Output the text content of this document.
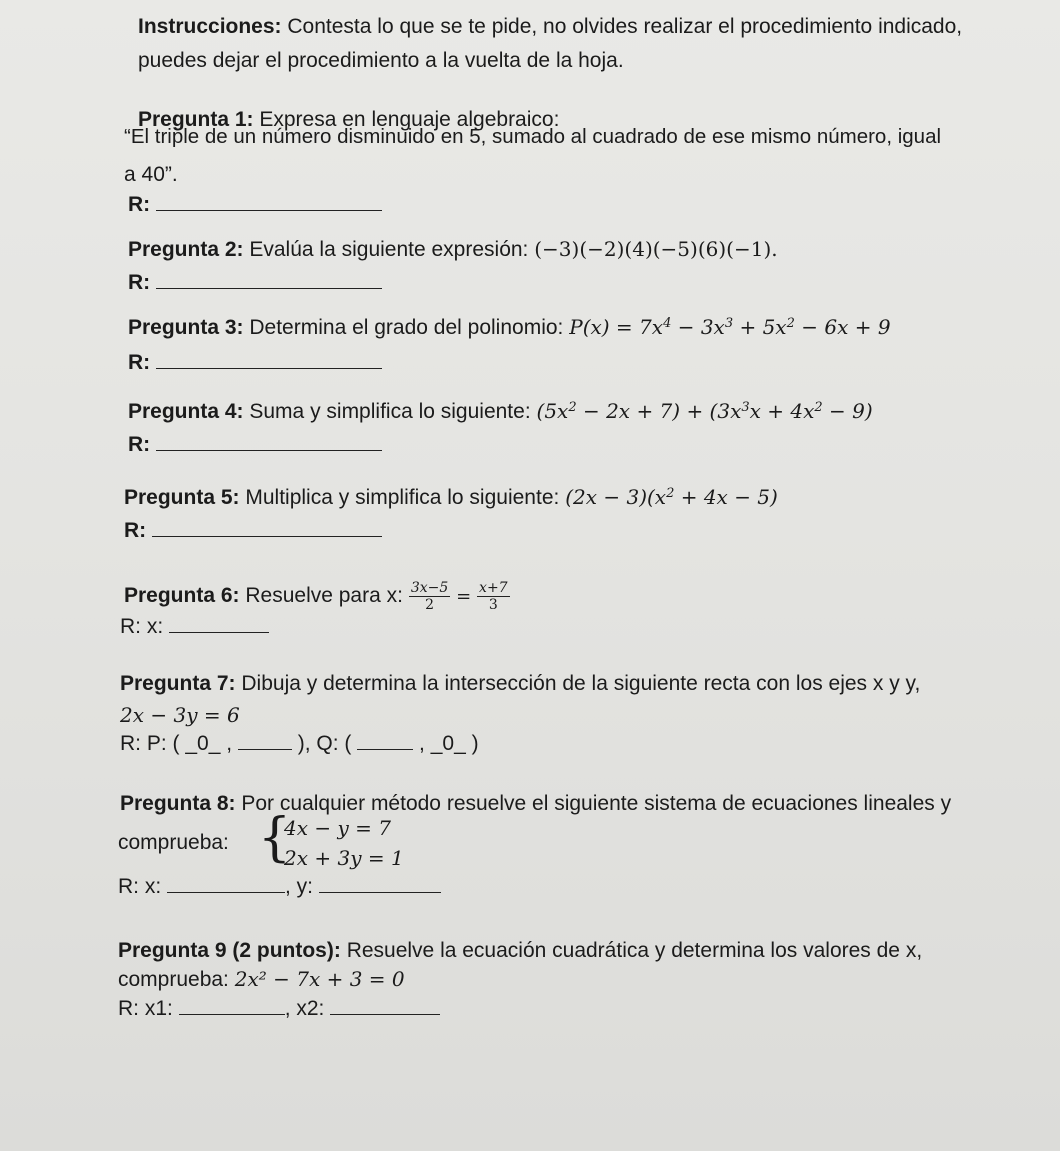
Instrucciones: Contesta lo que se te pide, no olvides realizar el procedimiento indicado,
puedes dejar el procedimiento a la vuelta de la hoja.
Pregunta 1: Expresa en lenguaje algebraico:
“El triple de un número disminuido en 5, sumado al cuadrado de ese mismo número, igual
a 40”.
R:
Pregunta 2: Evalúa la siguiente expresión: (−3)(−2)(4)(−5)(6)(−1).
R:
Pregunta 3: Determina el grado del polinomio: $P(x) = 7x^4 - 3x^3 + 5x^2 - 6x + 9$
R:
Pregunta 4: Suma y simplifica lo siguiente: $(5x^2 - 2x + 7) + (3x^3x + 4x^2 - 9)$
R:
Pregunta 5: Multiplica y simplifica lo siguiente: $(2x - 3)(x^2 + 4x - 5)$
R:
Pregunta 6: Resuelve para x: $\frac{3x-5}{2} = \frac{x+7}{3}$
R: x:
Pregunta 7: Dibuja y determina la intersección de la siguiente recta con los ejes x y y,
2x − 3y = 6
R: P: ( _0_ ,	), Q: (	, _0_ )
Pregunta 8: Por cualquier método resuelve el siguiente sistema de ecuaciones lineales y
comprueba: {
4x − y = 7
2x + 3y = 1
R: x:	, y:
Pregunta 9 (2 puntos): Resuelve la ecuación cuadrática y determina los valores de x,
comprueba: 2x² − 7x + 3 = 0
R: x1:	, x2:
